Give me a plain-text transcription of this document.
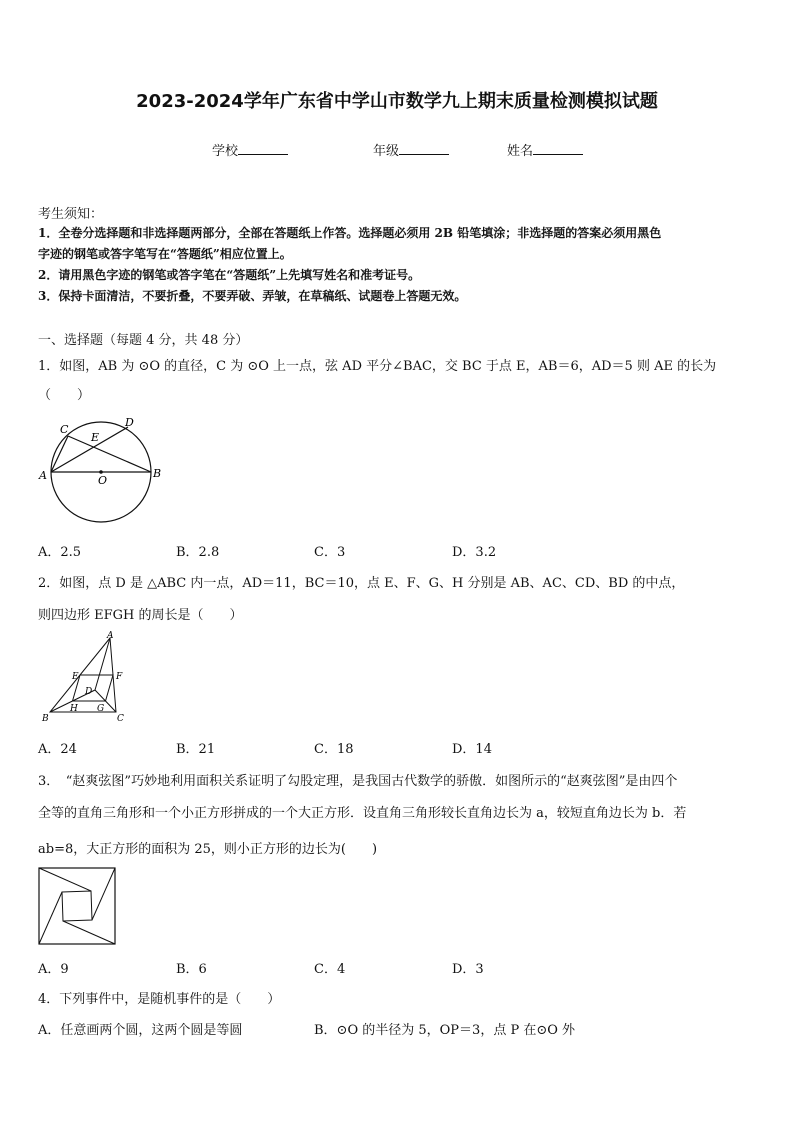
2023-2024学年广东省中学山市数学九上期末质量检测模拟试题
学校	年级	姓名
考生须知：
1．全卷分选择题和非选择题两部分，全部在答题纸上作答。选择题必须用 2B 铅笔填涂；非选择题的答案必须用黑色
字迹的钢笔或答字笔写在“答题纸”相应位置上。
2．请用黑色字迹的钢笔或答字笔在“答题纸”上先填写姓名和准考证号。
3．保持卡面清洁，不要折叠，不要弄破、弄皱，在草稿纸、试题卷上答题无效。
一、选择题（每题 4 分，共 48 分）
1．如图，AB 为 ⊙O 的直径，C 为 ⊙O 上一点，弦 AD 平分∠BAC，交 BC 于点 E，AB＝6，AD＝5 则 AE 的长为
（　　）
A	B
C
D
E
O
A．2.5	B．2.8	C．3	D．3.2
2．如图，点 D 是 △ABC 内一点，AD＝11，BC＝10，点 E、F、G、H 分别是 AB、AC、CD、BD 的中点，
则四边形 EFGH 的周长是（　　）
A
B	C
D
E	F
G
H
A．24	B．21	C．18	D．14
3．　“赵爽弦图”巧妙地利用面积关系证明了勾股定理，是我国古代数学的骄傲．如图所示的“赵爽弦图”是由四个
全等的直角三角形和一个小正方形拼成的一个大正方形．设直角三角形较长直角边长为 a，较短直角边长为 b．若
ab=8，大正方形的面积为 25，则小正方形的边长为(　　)
A．9	B．6	C．4	D．3
4．下列事件中，是随机事件的是（　　）
A．任意画两个圆，这两个圆是等圆	B．⊙O 的半径为 5，OP＝3，点 P 在⊙O 外
